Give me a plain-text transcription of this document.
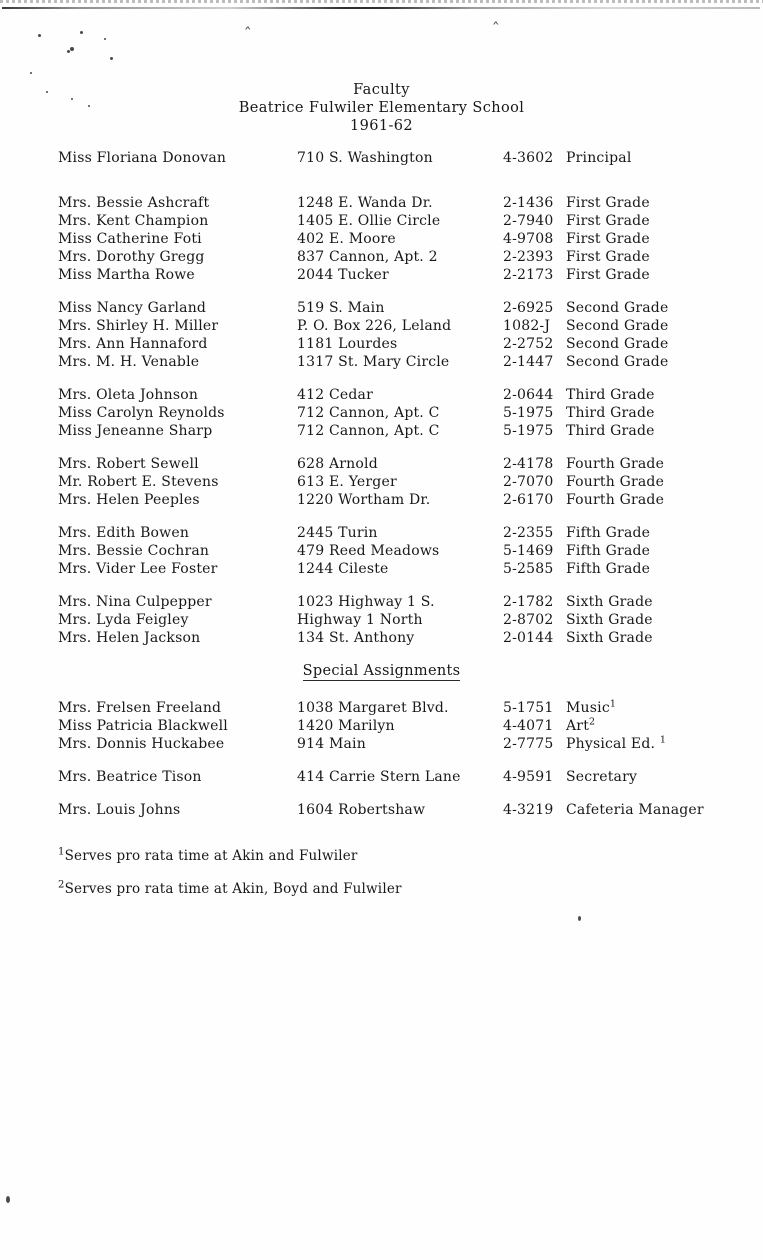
Faculty
Beatrice Fulwiler Elementary School
1961-62
Miss Floriana Donovan	710 S. Washington	4-3602 Principal
Mrs. Bessie Ashcraft	1248 E. Wanda Dr.	2-1436 First Grade
Mrs. Kent Champion	1405 E. Ollie Circle	2-7940 First Grade
Miss Catherine Foti	402 E. Moore	4-9708 First Grade
Mrs. Dorothy Gregg	837 Cannon, Apt. 2	2-2393 First Grade
Miss Martha Rowe	2044 Tucker	2-2173 First Grade
Miss Nancy Garland	519 S. Main	2-6925 Second Grade
Mrs. Shirley H. Miller	P. O. Box 226, Leland	1082-J Second Grade
Mrs. Ann Hannaford	1181 Lourdes	2-2752 Second Grade
Mrs. M. H. Venable	1317 St. Mary Circle	2-1447 Second Grade
Mrs. Oleta Johnson	412 Cedar	2-0644 Third Grade
Miss Carolyn Reynolds	712 Cannon, Apt. C	5-1975 Third Grade
Miss Jeneanne Sharp	712 Cannon, Apt. C	5-1975 Third Grade
Mrs. Robert Sewell	628 Arnold	2-4178 Fourth Grade
Mr. Robert E. Stevens	613 E. Yerger	2-7070 Fourth Grade
Mrs. Helen Peeples	1220 Wortham Dr.	2-6170 Fourth Grade
Mrs. Edith Bowen	2445 Turin	2-2355 Fifth Grade
Mrs. Bessie Cochran	479 Reed Meadows	5-1469 Fifth Grade
Mrs. Vider Lee Foster	1244 Cileste	5-2585 Fifth Grade
Mrs. Nina Culpepper	1023 Highway 1 S.	2-1782 Sixth Grade
Mrs. Lyda Feigley	Highway 1 North	2-8702 Sixth Grade
Mrs. Helen Jackson	134 St. Anthony	2-0144 Sixth Grade
Special Assignments
Mrs. Frelsen Freeland	1038 Margaret Blvd.	5-1751 Music$^1$
Miss Patricia Blackwell	1420 Marilyn	4-4071 Art$^2$
Mrs. Donnis Huckabee	914 Main	2-7775 Physical Ed. $^1$
Mrs. Beatrice Tison	414 Carrie Stern Lane	4-9591 Secretary
Mrs. Louis Johns	1604 Robertshaw	4-3219 Cafeteria Manager
$^1$Serves pro rata time at Akin and Fulwiler
$^2$Serves pro rata time at Akin, Boyd and Fulwiler
